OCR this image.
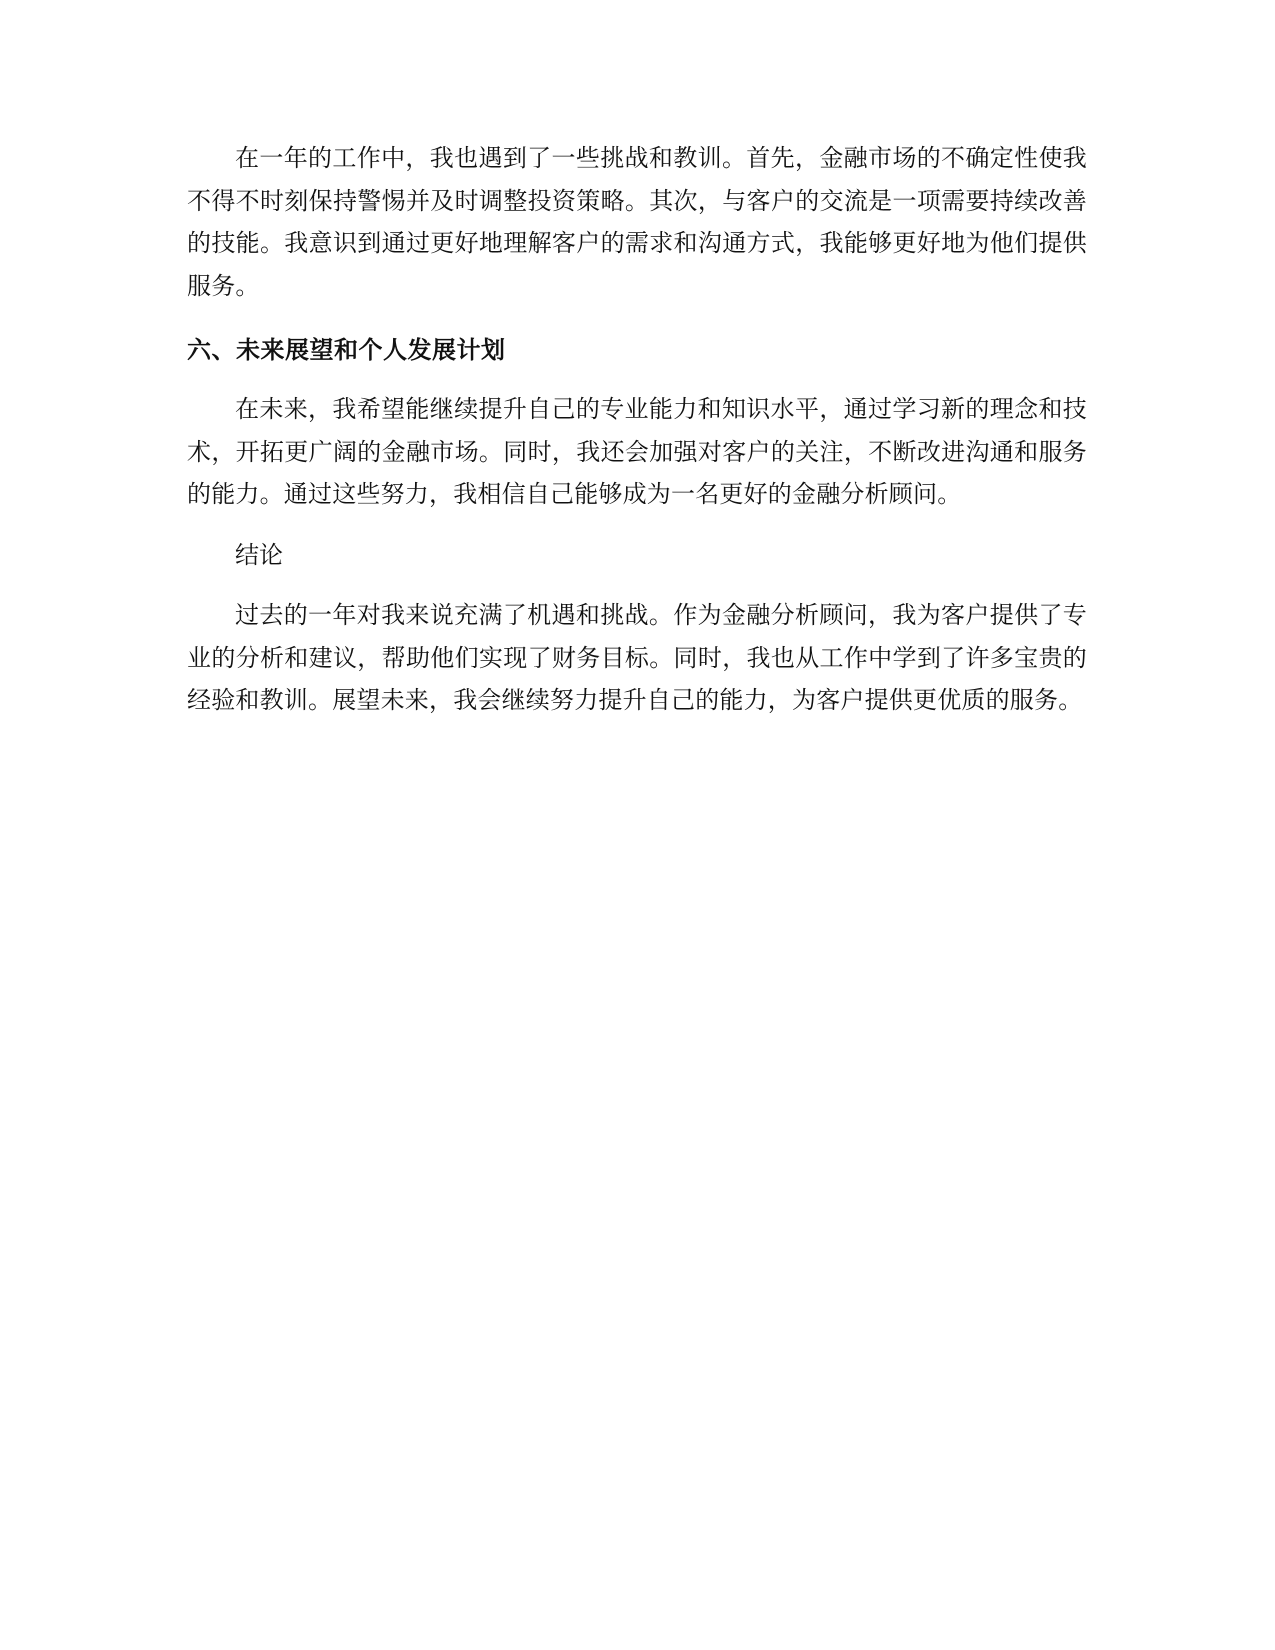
在一年的工作中，我也遇到了一些挑战和教训。首先，金融市场的不确定性使我不得不时刻保持警惕并及时调整投资策略。其次，与客户的交流是一项需要持续改善的技能。我意识到通过更好地理解客户的需求和沟通方式，我能够更好地为他们提供服务。

六、未来展望和个人发展计划

在未来，我希望能继续提升自己的专业能力和知识水平，通过学习新的理念和技术，开拓更广阔的金融市场。同时，我还会加强对客户的关注，不断改进沟通和服务的能力。通过这些努力，我相信自己能够成为一名更好的金融分析顾问。

结论

过去的一年对我来说充满了机遇和挑战。作为金融分析顾问，我为客户提供了专业的分析和建议，帮助他们实现了财务目标。同时，我也从工作中学到了许多宝贵的经验和教训。展望未来，我会继续努力提升自己的能力，为客户提供更优质的服务。
